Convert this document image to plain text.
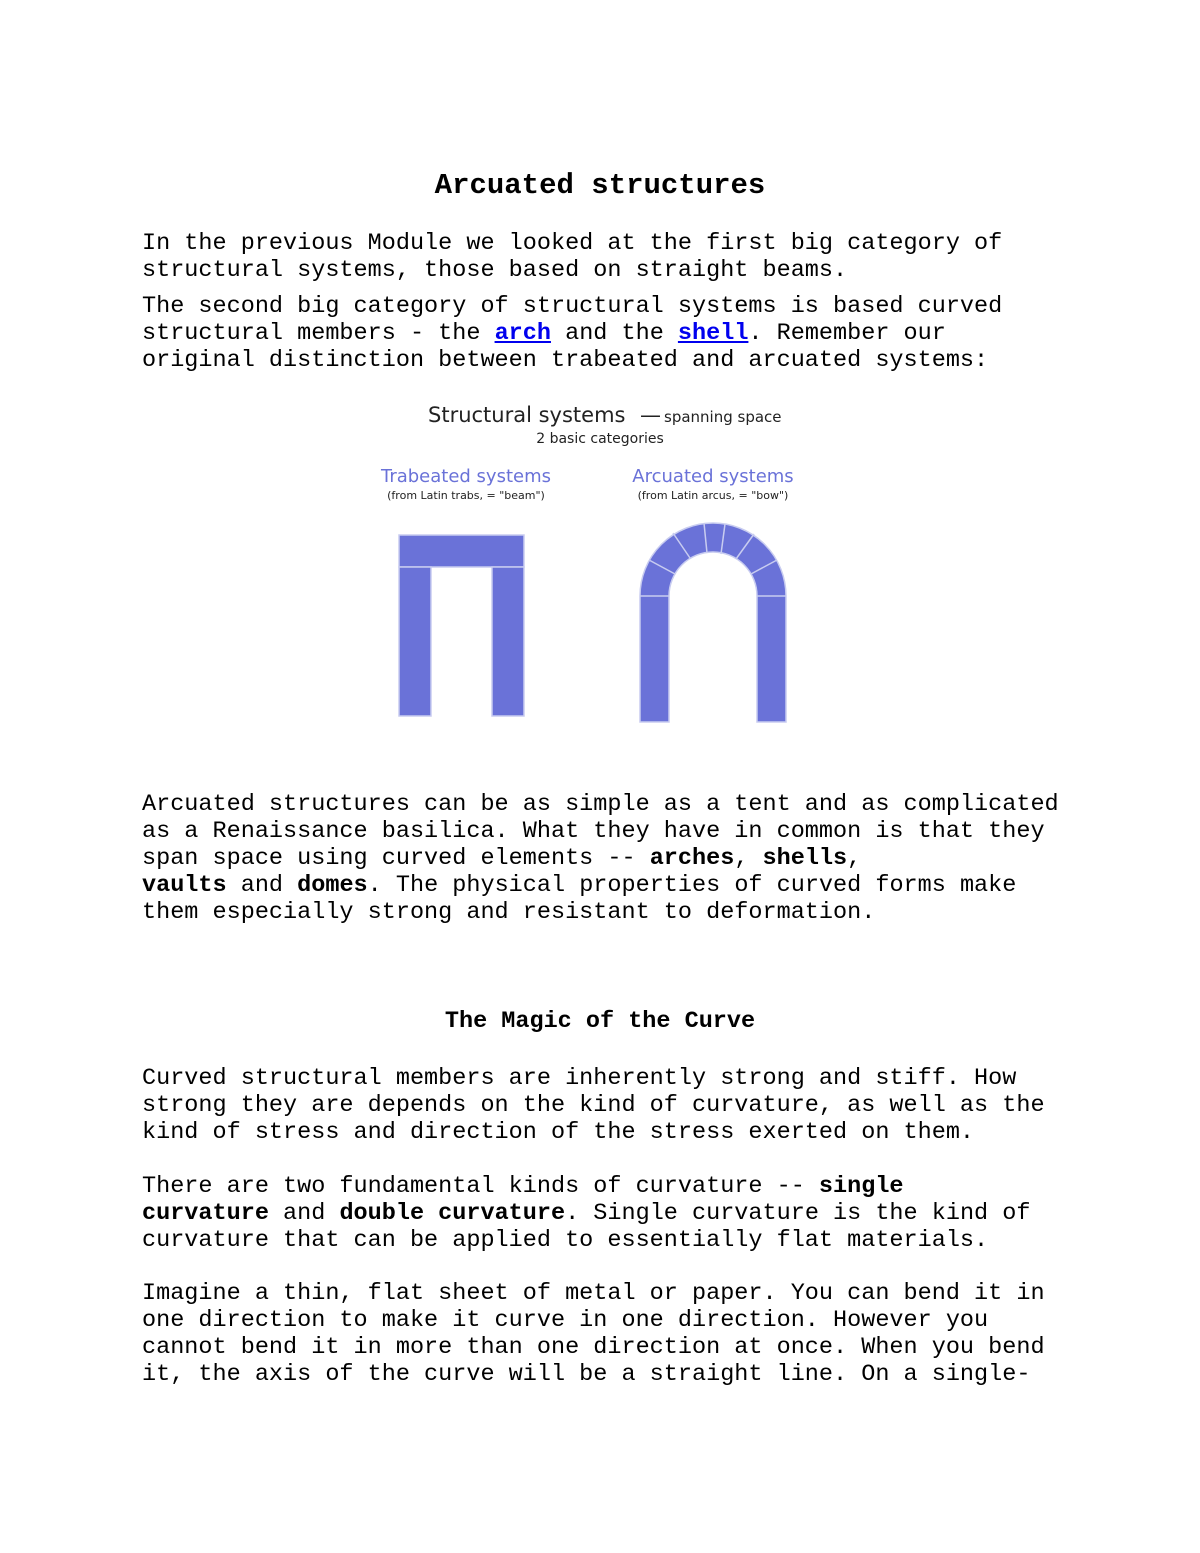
Arcuated structures

In the previous Module we looked at the first big category of
structural systems, those based on straight beams.

The second big category of structural systems is based curved
structural members - the arch and the shell. Remember our
original distinction between trabeated and arcuated systems:

Structural systems — spanning space
2 basic categories
Trabeated systems
(from Latin trabs, = "beam")
Arcuated systems
(from Latin arcus, = "bow")

Arcuated structures can be as simple as a tent and as complicated
as a Renaissance basilica. What they have in common is that they
span space using curved elements -- arches, shells,
vaults and domes. The physical properties of curved forms make
them especially strong and resistant to deformation.

The Magic of the Curve

Curved structural members are inherently strong and stiff. How
strong they are depends on the kind of curvature, as well as the
kind of stress and direction of the stress exerted on them.

There are two fundamental kinds of curvature -- single
curvature and double curvature. Single curvature is the kind of
curvature that can be applied to essentially flat materials.

Imagine a thin, flat sheet of metal or paper. You can bend it in
one direction to make it curve in one direction. However you
cannot bend it in more than one direction at once. When you bend
it, the axis of the curve will be a straight line. On a single-
